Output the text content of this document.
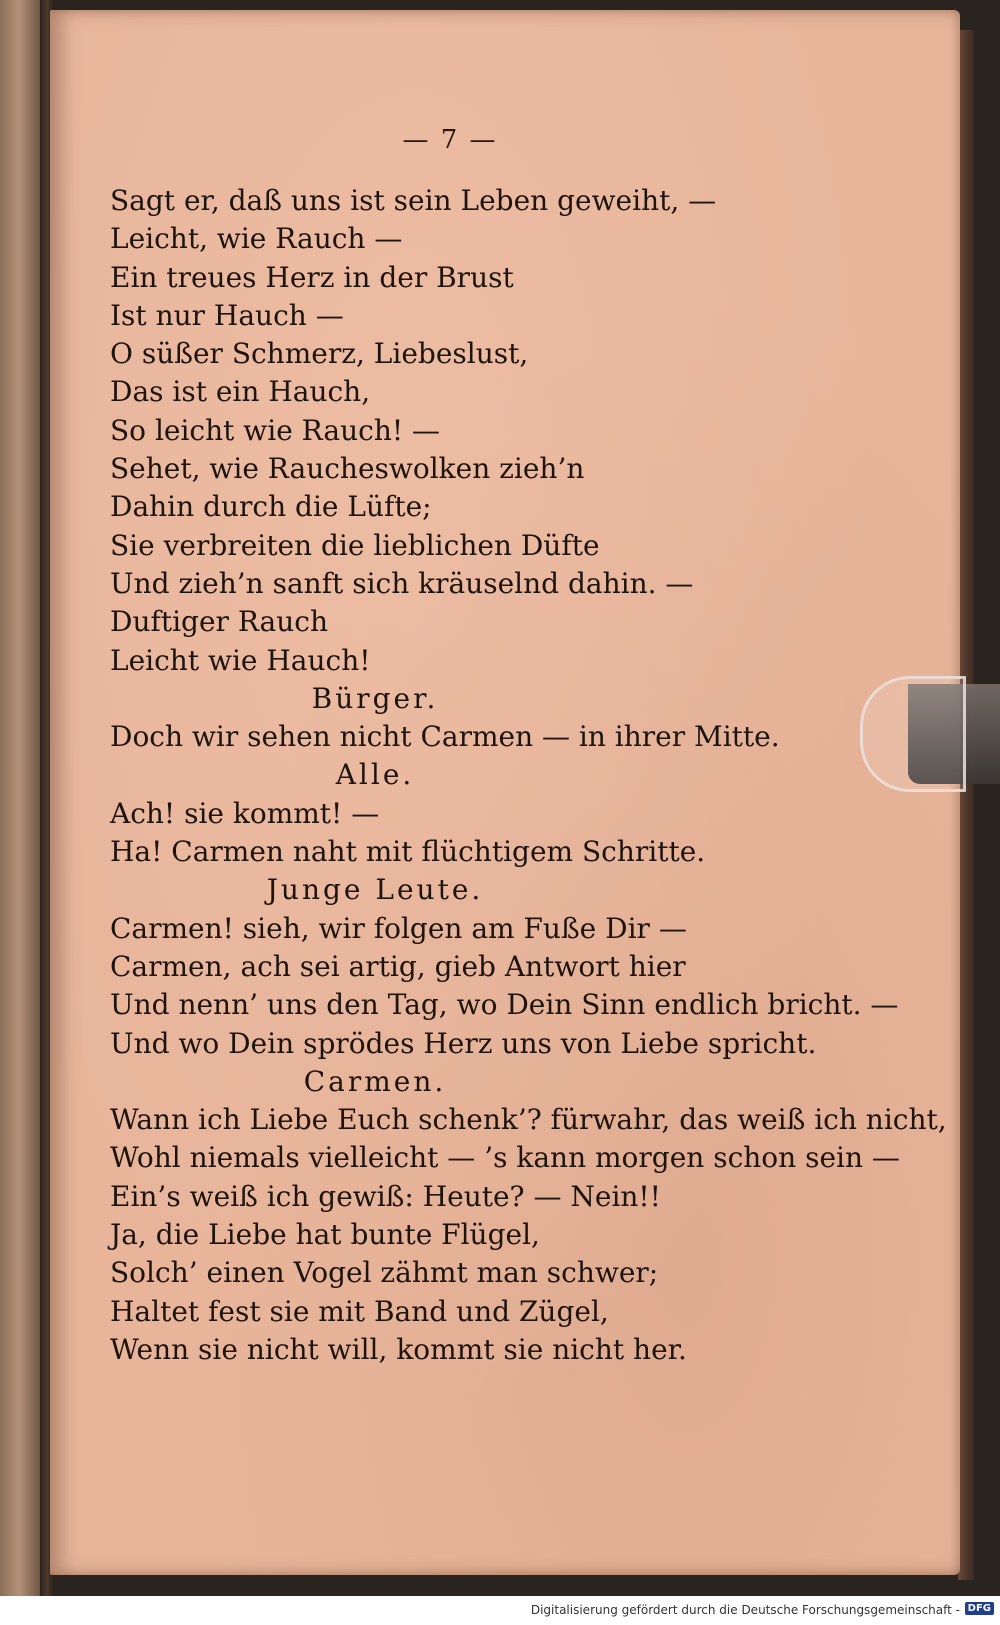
— 7 —
Sagt er, daß uns ist sein Leben geweiht, —
Leicht, wie Rauch —
Ein treues Herz in der Brust
Ist nur Hauch —
O süßer Schmerz, Liebeslust,
Das ist ein Hauch,
So leicht wie Rauch! —
Sehet, wie Raucheswolken zieh’n
Dahin durch die Lüfte;
Sie verbreiten die lieblichen Düfte
Und zieh’n sanft sich kräuselnd dahin. —
Duftiger Rauch
Leicht wie Hauch!
Bürger.
Doch wir sehen nicht Carmen — in ihrer Mitte.
Alle.
Ach! sie kommt! —
Ha! Carmen naht mit flüchtigem Schritte.
Junge Leute.
Carmen! sieh, wir folgen am Fuße Dir —
Carmen, ach sei artig, gieb Antwort hier
Und nenn’ uns den Tag, wo Dein Sinn endlich bricht. —
Und wo Dein sprödes Herz uns von Liebe spricht.
Carmen.
Wann ich Liebe Euch schenk’? fürwahr, das weiß ich nicht,
Wohl niemals vielleicht — ’s kann morgen schon sein —
Ein’s weiß ich gewiß: Heute? — Nein!!
Ja, die Liebe hat bunte Flügel,
Solch’ einen Vogel zähmt man schwer;
Haltet fest sie mit Band und Zügel,
Wenn sie nicht will, kommt sie nicht her.
Digitalisierung gefördert durch die Deutsche Forschungsgemeinschaft - DFG
